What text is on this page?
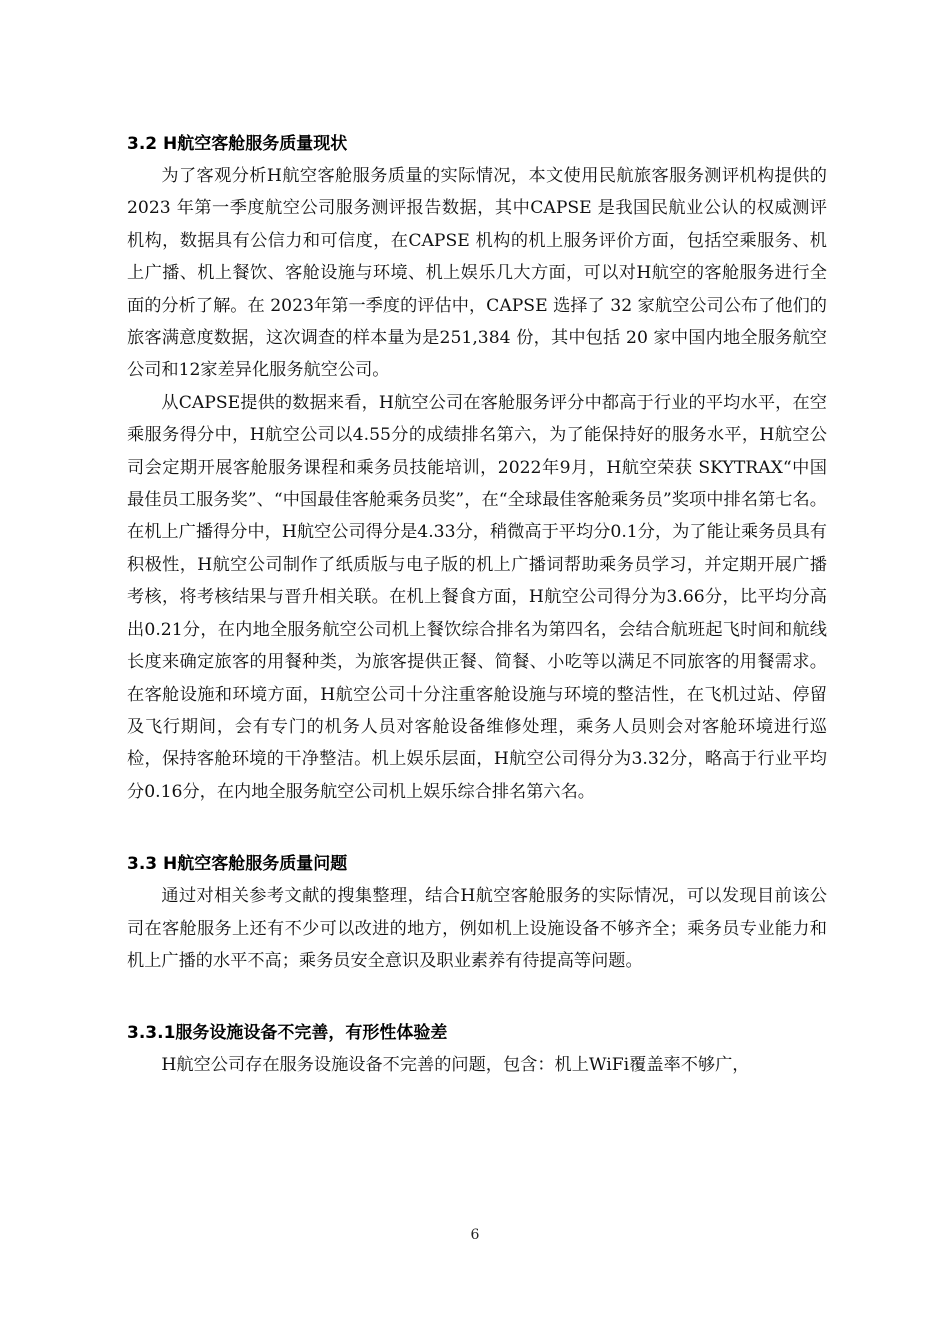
3.2 H航空客舱服务质量现状

为了客观分析H航空客舱服务质量的实际情况，本文使用民航旅客服务测评机构提供的 2023 年第一季度航空公司服务测评报告数据，其中CAPSE 是我国民航业公认的权威测评机构，数据具有公信力和可信度，在CAPSE 机构的机上服务评价方面，包括空乘服务、机上广播、机上餐饮、客舱设施与环境、机上娱乐几大方面，可以对H航空的客舱服务进行全面的分析了解。在 2023年第一季度的评估中，CAPSE 选择了 32 家航空公司公布了他们的旅客满意度数据，这次调查的样本量为是251,384 份，其中包括 20 家中国内地全服务航空公司和12家差异化服务航空公司。

从CAPSE提供的数据来看，H航空公司在客舱服务评分中都高于行业的平均水平，在空乘服务得分中，H航空公司以4.55分的成绩排名第六，为了能保持好的服务水平，H航空公司会定期开展客舱服务课程和乘务员技能培训，2022年9月，H航空荣获 SKYTRAX“中国最佳员工服务奖”、“中国最佳客舱乘务员奖”，在“全球最佳客舱乘务员”奖项中排名第七名。在机上广播得分中，H航空公司得分是4.33分，稍微高于平均分0.1分，为了能让乘务员具有积极性，H航空公司制作了纸质版与电子版的机上广播词帮助乘务员学习，并定期开展广播考核，将考核结果与晋升相关联。在机上餐食方面，H航空公司得分为3.66分，比平均分高出0.21分，在内地全服务航空公司机上餐饮综合排名为第四名，会结合航班起飞时间和航线长度来确定旅客的用餐种类，为旅客提供正餐、简餐、小吃等以满足不同旅客的用餐需求。在客舱设施和环境方面，H航空公司十分注重客舱设施与环境的整洁性，在飞机过站、停留及飞行期间，会有专门的机务人员对客舱设备维修处理，乘务人员则会对客舱环境进行巡检，保持客舱环境的干净整洁。机上娱乐层面，H航空公司得分为3.32分，略高于行业平均分0.16分，在内地全服务航空公司机上娱乐综合排名第六名。

3.3 H航空客舱服务质量问题

通过对相关参考文献的搜集整理，结合H航空客舱服务的实际情况，可以发现目前该公司在客舱服务上还有不少可以改进的地方，例如机上设施设备不够齐全；乘务员专业能力和机上广播的水平不高；乘务员安全意识及职业素养有待提高等问题。

3.3.1服务设施设备不完善，有形性体验差

H航空公司存在服务设施设备不完善的问题，包含：机上WiFi覆盖率不够广，

6
